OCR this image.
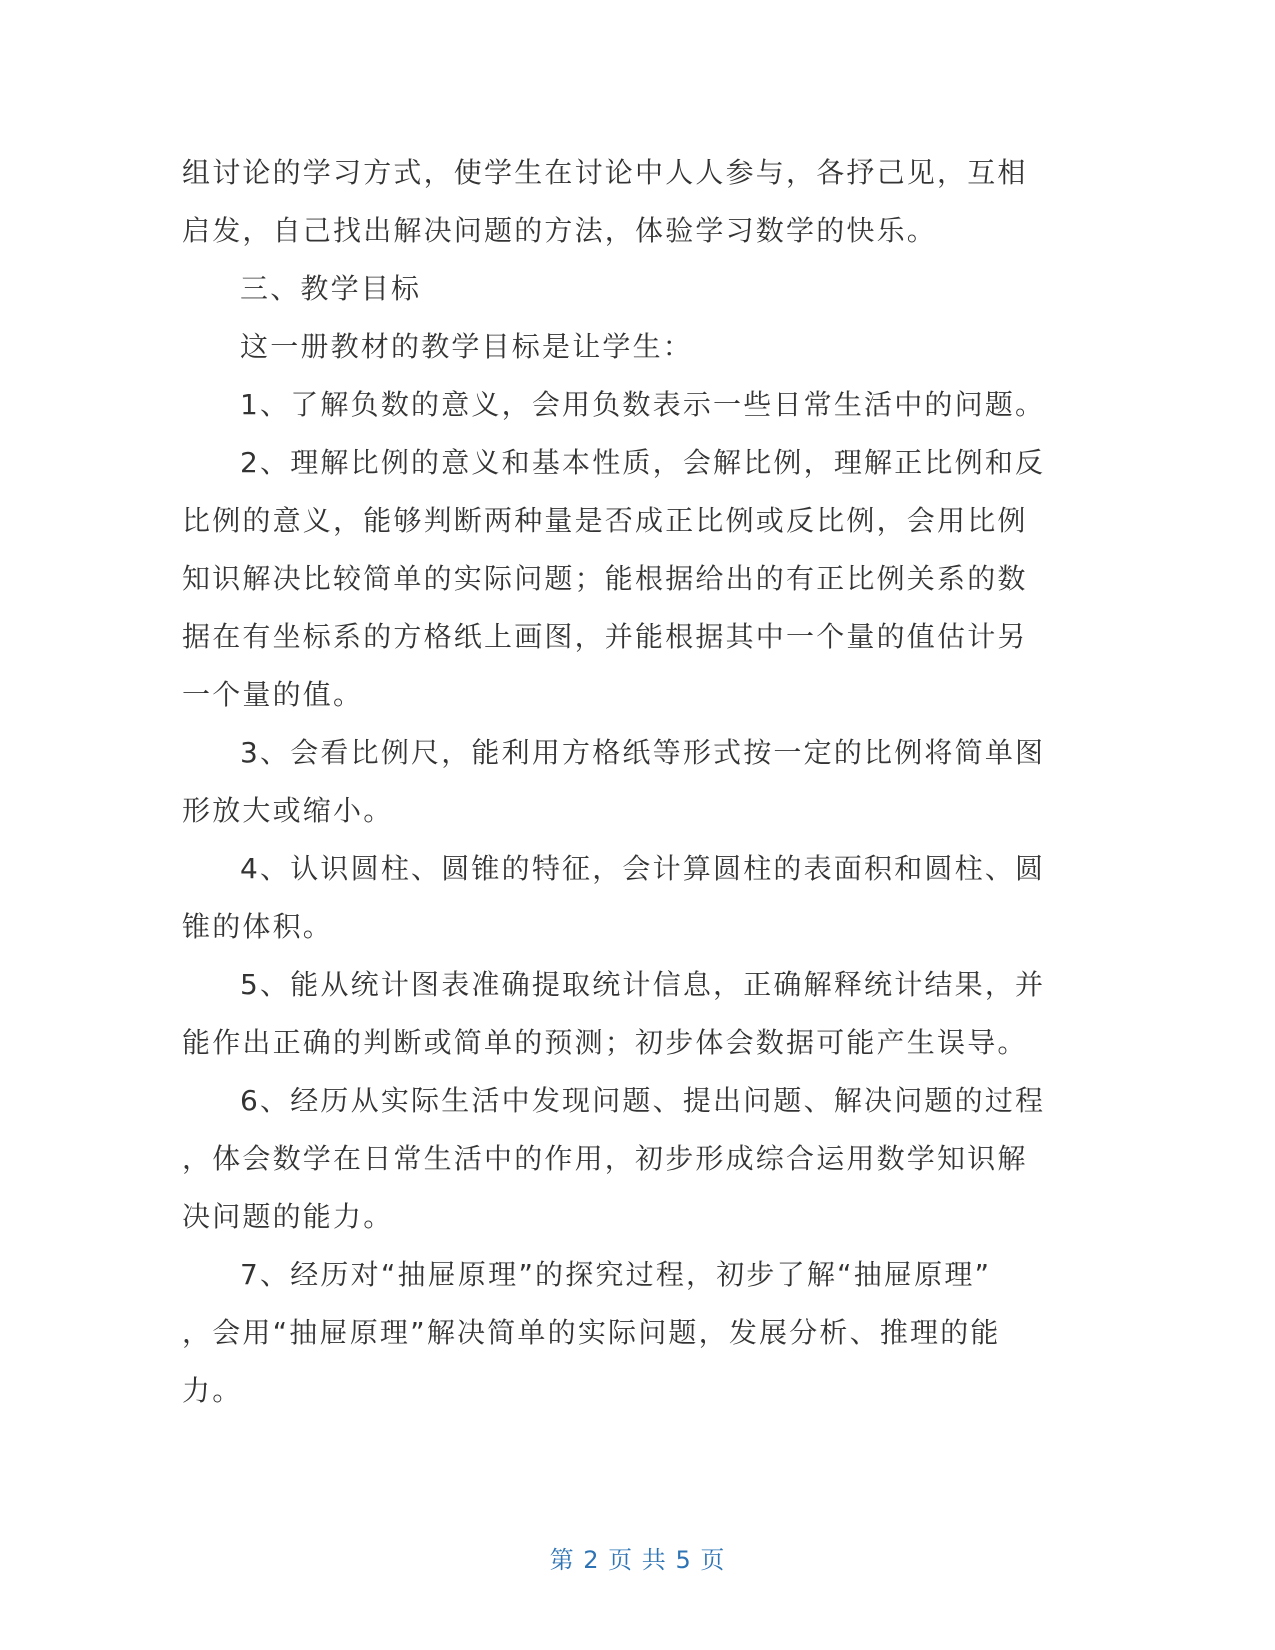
组讨论的学习方式，使学生在讨论中人人参与，各抒己见，互相
启发，自己找出解决问题的方法，体验学习数学的快乐。
三、教学目标
这一册教材的教学目标是让学生：
1、了解负数的意义，会用负数表示一些日常生活中的问题。
2、理解比例的意义和基本性质，会解比例，理解正比例和反
比例的意义，能够判断两种量是否成正比例或反比例，会用比例
知识解决比较简单的实际问题；能根据给出的有正比例关系的数
据在有坐标系的方格纸上画图，并能根据其中一个量的值估计另
一个量的值。
3、会看比例尺，能利用方格纸等形式按一定的比例将简单图
形放大或缩小。
4、认识圆柱、圆锥的特征，会计算圆柱的表面积和圆柱、圆
锥的体积。
5、能从统计图表准确提取统计信息，正确解释统计结果，并
能作出正确的判断或简单的预测；初步体会数据可能产生误导。
6、经历从实际生活中发现问题、提出问题、解决问题的过程
，体会数学在日常生活中的作用，初步形成综合运用数学知识解
决问题的能力。
7、经历对“抽屉原理”的探究过程，初步了解“抽屉原理”
，会用“抽屉原理”解决简单的实际问题，发展分析、推理的能
力。
第 2 页 共 5 页
